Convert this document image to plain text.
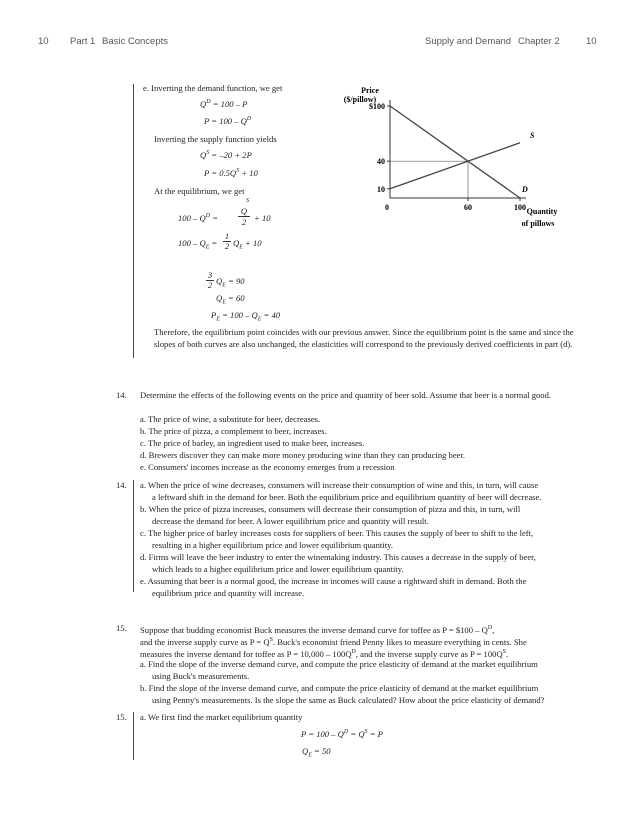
10 Part 1 Basic Concepts	Supply and Demand Chapter 2	10
e. Inverting the demand function, we get
$Q^D = 100 - P$
$P = 100 - Q^D$
Inverting the supply function yields
$Q^S = -20 + 2P$
$P = 0.5Q^S + 10$
At the equilibrium, we get
S
$100 - Q^D$ =
Q
2 + 10
$100 - Q_E$ =
1
2 $Q_E + 10$
3
2 $Q_E = 90$
$Q_E = 60$
$P_E = 100 - Q_E = 40$
Therefore, the equilibrium point coincides with our previous answer. Since the equilibrium point is the same and since the slopes of both curves are also unchanged, the elasticities will correspond to the previously derived coefficients in part (d).
Price
($/pillow)
Quantity
of pillows
$100
40
10
0	60	100
S
D
14. Determine the effects of the following events on the price and quantity of beer sold. Assume that beer is a normal good.
a. The price of wine, a substitute for beer, decreases.
b. The price of pizza, a complement to beer, increases.
c. The price of barley, an ingredient used to make beer, increases.
d. Brewers discover they can make more money producing wine than they can producing beer.
e. Consumers' incomes increase as the economy emerges from a recession
14. a. When the price of wine decreases, consumers will increase their consumption of wine and this, in turn, will cause
a leftward shift in the demand for beer. Both the equilibrium price and equilibrium quantity of beer will decrease.
b. When the price of pizza increases, consumers will decrease their consumption of pizza and this, in turn, will
decrease the demand for beer. A lower equilibrium price and quantity will result.
c. The higher price of barley increases costs for suppliers of beer. This causes the supply of beer to shift to the left,
resulting in a higher equilibrium price and lower equilibrium quantity.
d. Firms will leave the beer industry to enter the winemaking industry. This causes a decrease in the supply of beer,
which leads to a higher equilibrium price and lower equilibrium quantity.
e. Assuming that beer is a normal good, the increase in incomes will cause a rightward shift in demand. Both the
equilibrium price and quantity will increase.
15. Suppose that budding economist Buck measures the inverse demand curve for toffee as P = $100 – $Q^D$,
and the inverse supply curve as $P = Q^S$. Buck's economist friend Penny likes to measure everything in cents. She
measures the inverse demand for toffee as $P = 10,000 - 100Q^D$, and the inverse supply curve as $P = 100Q^S$.
a. Find the slope of the inverse demand curve, and compute the price elasticity of demand at the market equilibrium
using Buck's measurements.
b. Find the slope of the inverse demand curve, and compute the price elasticity of demand at the market equilibrium
using Penny's measurements. Is the slope the same as Buck calculated? How about the price elasticity of demand?
15. a. We first find the market equilibrium quantity
$P = 100 - Q^D = Q^S = P$
$Q_E = 50$
